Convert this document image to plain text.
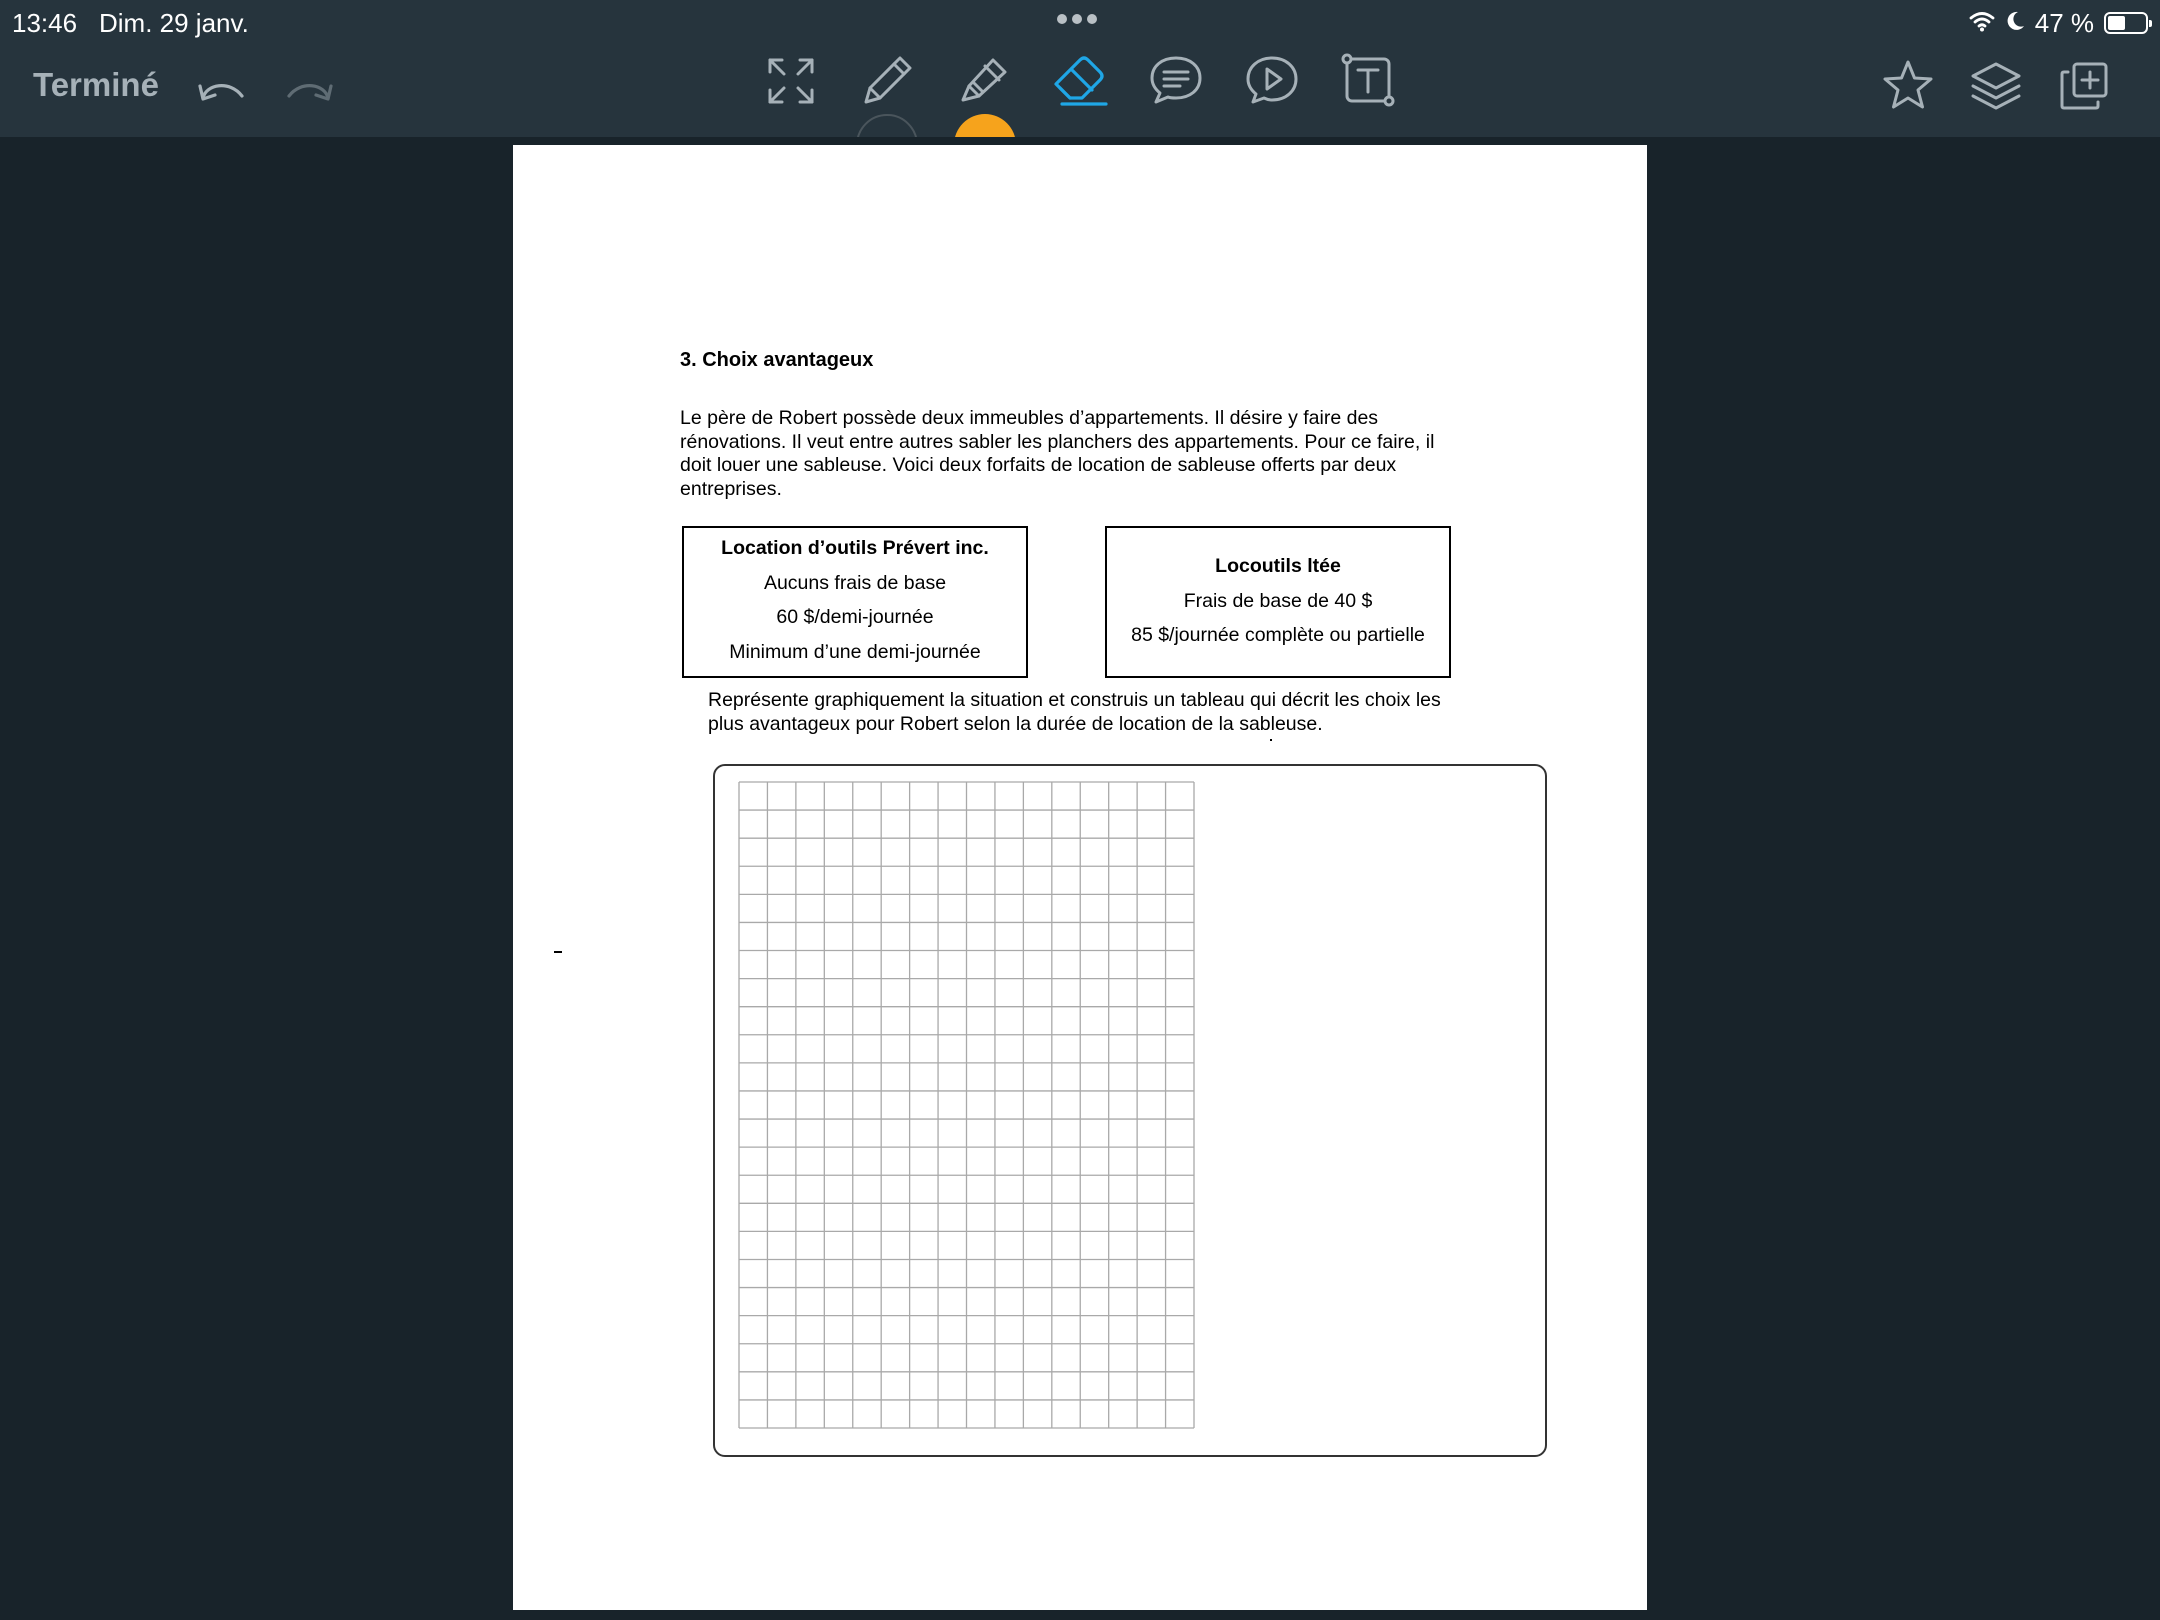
13:46 Dim. 29 janv.	47 %
Terminé
3. Choix avantageux
Le père de Robert possède deux immeubles d’appartements. Il désire y faire des
rénovations. Il veut entre autres sabler les planchers des appartements. Pour ce faire, il
doit louer une sableuse. Voici deux forfaits de location de sableuse offerts par deux
entreprises.
Location d’outils Prévert inc.
Aucuns frais de base
60 $/demi-journée
Minimum d’une demi-journée
Locoutils ltée
Frais de base de 40 $
85 $/journée complète ou partielle
Représente graphiquement la situation et construis un tableau qui décrit les choix les
plus avantageux pour Robert selon la durée de location de la sableuse.
